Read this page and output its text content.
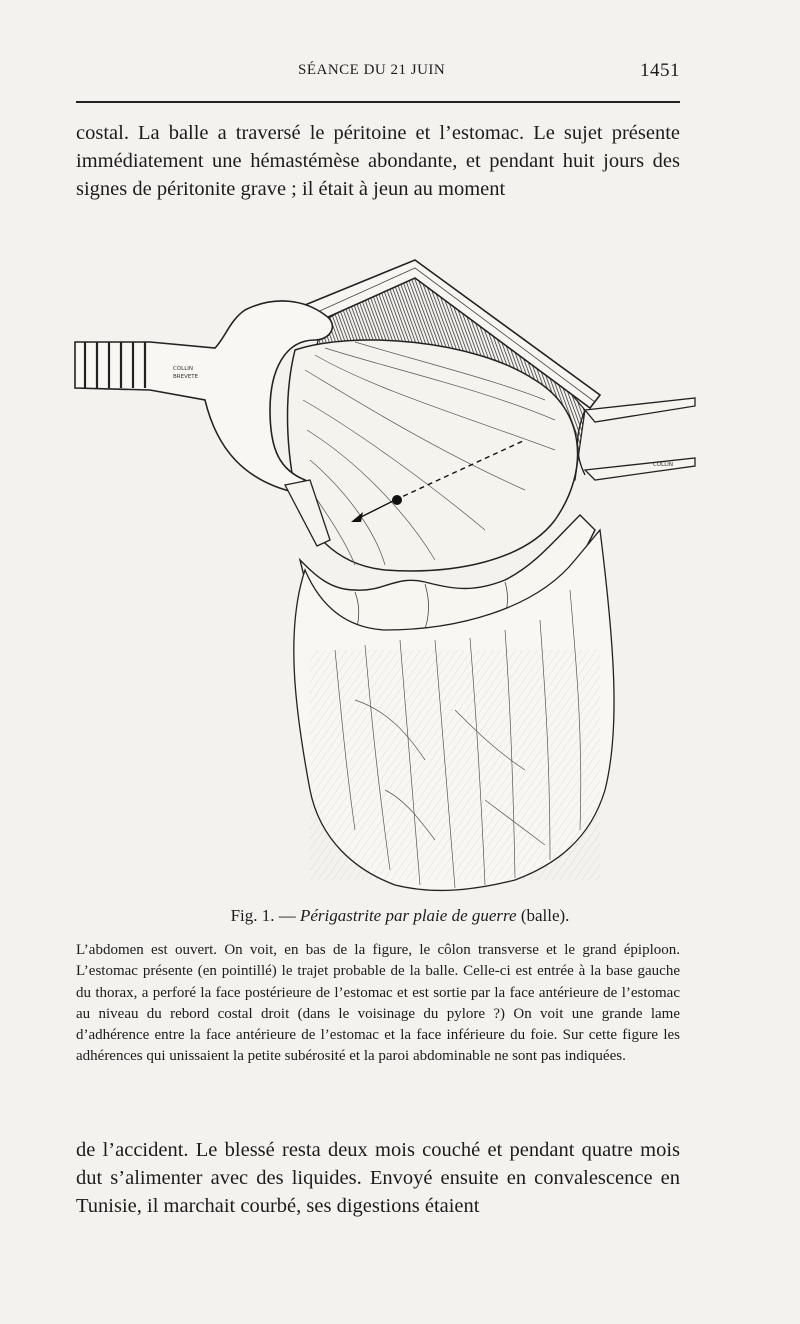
SÉANCE DU 21 JUIN	1451

costal. La balle a traversé le péritoine et l’estomac. Le sujet présente immédiatement une hémastémèse abondante, et pendant huit jours des signes de péritonite grave ; il était à jeun au moment

COLLIN
BREVETE
COLLIN
Fig. 1. — Périgastrite par plaie de guerre (balle).

L’abdomen est ouvert. On voit, en bas de la figure, le côlon transverse et le grand épiploon. L’estomac présente (en pointillé) le trajet probable de la balle. Celle-ci est entrée à la base gauche du thorax, a perforé la face postérieure de l’estomac et est sortie par la face antérieure de l’estomac au niveau du rebord costal droit (dans le voisinage du pylore ?) On voit une grande lame d’adhérence entre la face antérieure de l’estomac et la face inférieure du foie. Sur cette figure les adhérences qui unissaient la petite subérosité et la paroi abdominable ne sont pas indiquées.

de l’accident. Le blessé resta deux mois couché et pendant quatre mois dut s’alimenter avec des liquides. Envoyé ensuite en convalescence en Tunisie, il marchait courbé, ses digestions étaient
